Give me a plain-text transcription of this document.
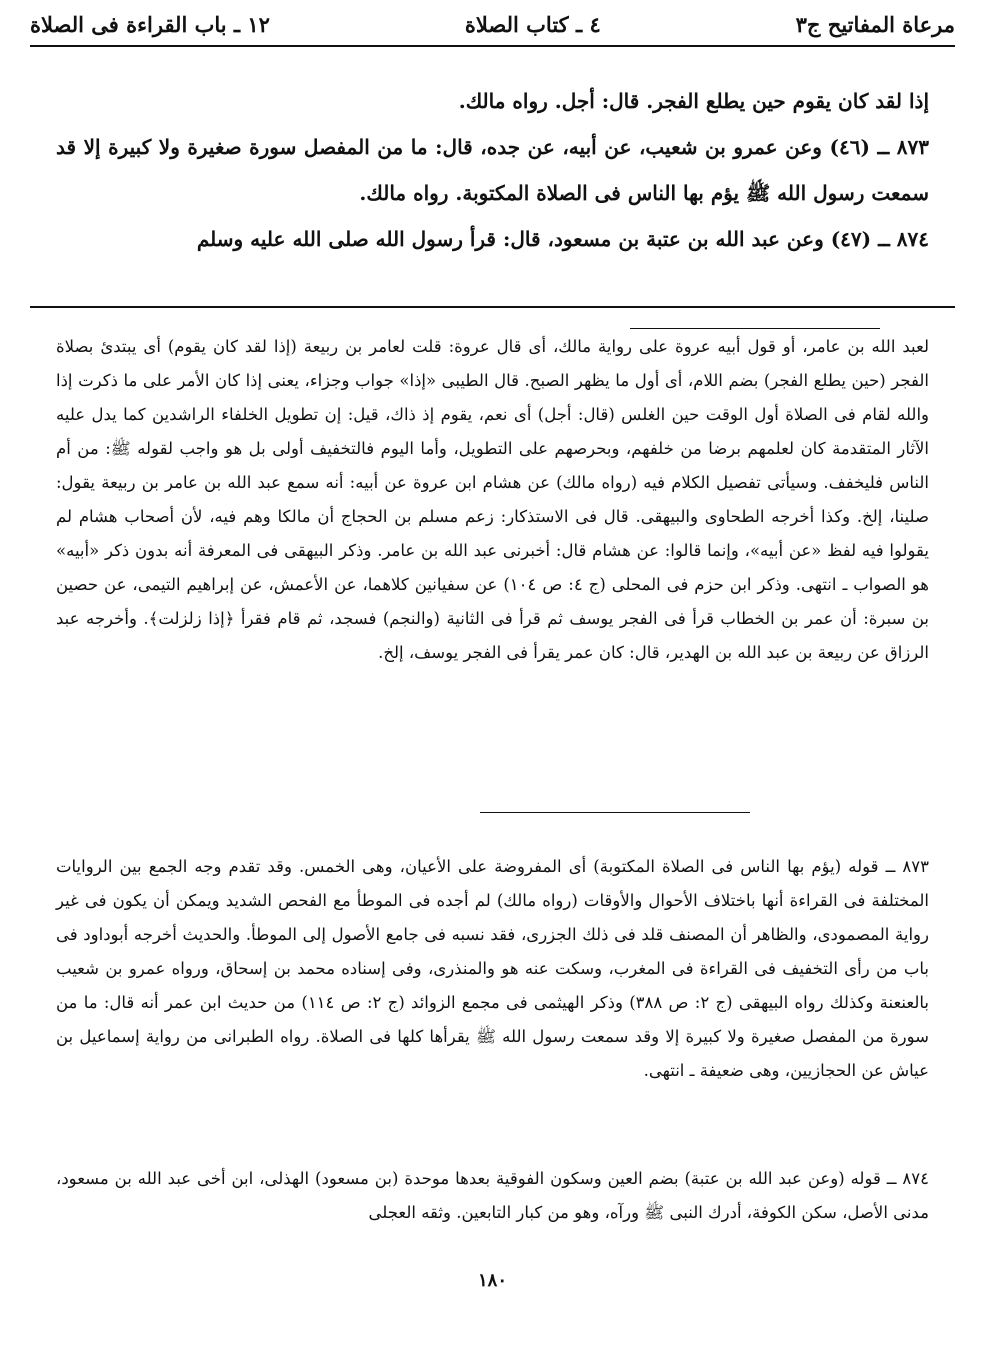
مرعاة المفاتيح ج٣
٤ ـ كتاب الصلاة
١٢ ـ باب القراءة فى الصلاة

إذا لقد كان يقوم حين يطلع الفجر. قال: أجل. رواه مالك.

٨٧٣ ــ (٤٦) وعن عمرو بن شعيب، عن أبيه، عن جده، قال: ما من المفصل سورة صغيرة ولا كبيرة إلا قد سمعت رسول الله ﷺ يؤم بها الناس فى الصلاة المكتوبة. رواه مالك.

٨٧٤ ــ (٤٧) وعن عبد الله بن عتبة بن مسعود، قال: قرأ رسول الله صلى الله عليه وسلم

لعبد الله بن عامر، أو قول أبيه عروة على رواية مالك، أى قال عروة: قلت لعامر بن ربيعة (إذا لقد كان يقوم) أى يبتدئ بصلاة الفجر (حين يطلع الفجر) بضم اللام، أى أول ما يظهر الصبح. قال الطيبى «إذا» جواب وجزاء، يعنى إذا كان الأمر على ما ذكرت إذا والله لقام فى الصلاة أول الوقت حين الغلس (قال: أجل) أى نعم، يقوم إذ ذاك، قيل: إن تطويل الخلفاء الراشدين كما يدل عليه الآثار المتقدمة كان لعلمهم برضا من خلفهم، وبحرصهم على التطويل، وأما اليوم فالتخفيف أولى بل هو واجب لقوله ﷺ: من أم الناس فليخفف. وسيأتى تفصيل الكلام فيه (رواه مالك) عن هشام ابن عروة عن أبيه: أنه سمع عبد الله بن عامر بن ربيعة يقول: صلينا، إلخ. وكذا أخرجه الطحاوى والبيهقى. قال فى الاستذكار: زعم مسلم بن الحجاج أن مالكا وهم فيه، لأن أصحاب هشام لم يقولوا فيه لفظ «عن أبيه»، وإنما قالوا: عن هشام قال: أخبرنى عبد الله بن عامر. وذكر البيهقى فى المعرفة أنه بدون ذكر «أبيه» هو الصواب ـ انتهى. وذكر ابن حزم فى المحلى (ج ٤: ص ١٠٤) عن سفيانين كلاهما، عن الأعمش، عن إبراهيم التيمى، عن حصين بن سبرة: أن عمر بن الخطاب قرأ فى الفجر يوسف ثم قرأ فى الثانية (والنجم) فسجد، ثم قام فقرأ ﴿إذا زلزلت﴾. وأخرجه عبد الرزاق عن ربيعة بن عبد الله بن الهدير، قال: كان عمر يقرأ فى الفجر يوسف، إلخ.

٨٧٣ ــ قوله (يؤم بها الناس فى الصلاة المكتوبة) أى المفروضة على الأعيان، وهى الخمس. وقد تقدم وجه الجمع بين الروايات المختلفة فى القراءة أنها باختلاف الأحوال والأوقات (رواه مالك) لم أجده فى الموطأ مع الفحص الشديد ويمكن أن يكون فى غير رواية المصمودى، والظاهر أن المصنف قلد فى ذلك الجزرى، فقد نسبه فى جامع الأصول إلى الموطأ. والحديث أخرجه أبوداود فى باب من رأى التخفيف فى القراءة فى المغرب، وسكت عنه هو والمنذرى، وفى إسناده محمد بن إسحاق، ورواه عمرو بن شعيب بالعنعنة وكذلك رواه البيهقى (ج ٢: ص ٣٨٨) وذكر الهيثمى فى مجمع الزوائد (ج ٢: ص ١١٤) من حديث ابن عمر أنه قال: ما من سورة من المفصل صغيرة ولا كبيرة إلا وقد سمعت رسول الله ﷺ يقرأها كلها فى الصلاة. رواه الطبرانى من رواية إسماعيل بن عياش عن الحجازيين، وهى ضعيفة ـ انتهى.

٨٧٤ ــ قوله (وعن عبد الله بن عتبة) بضم العين وسكون الفوقية بعدها موحدة (بن مسعود) الهذلى، ابن أخى عبد الله بن مسعود، مدنى الأصل، سكن الكوفة، أدرك النبى ﷺ ورآه، وهو من كبار التابعين. وثقه العجلى

١٨٠
